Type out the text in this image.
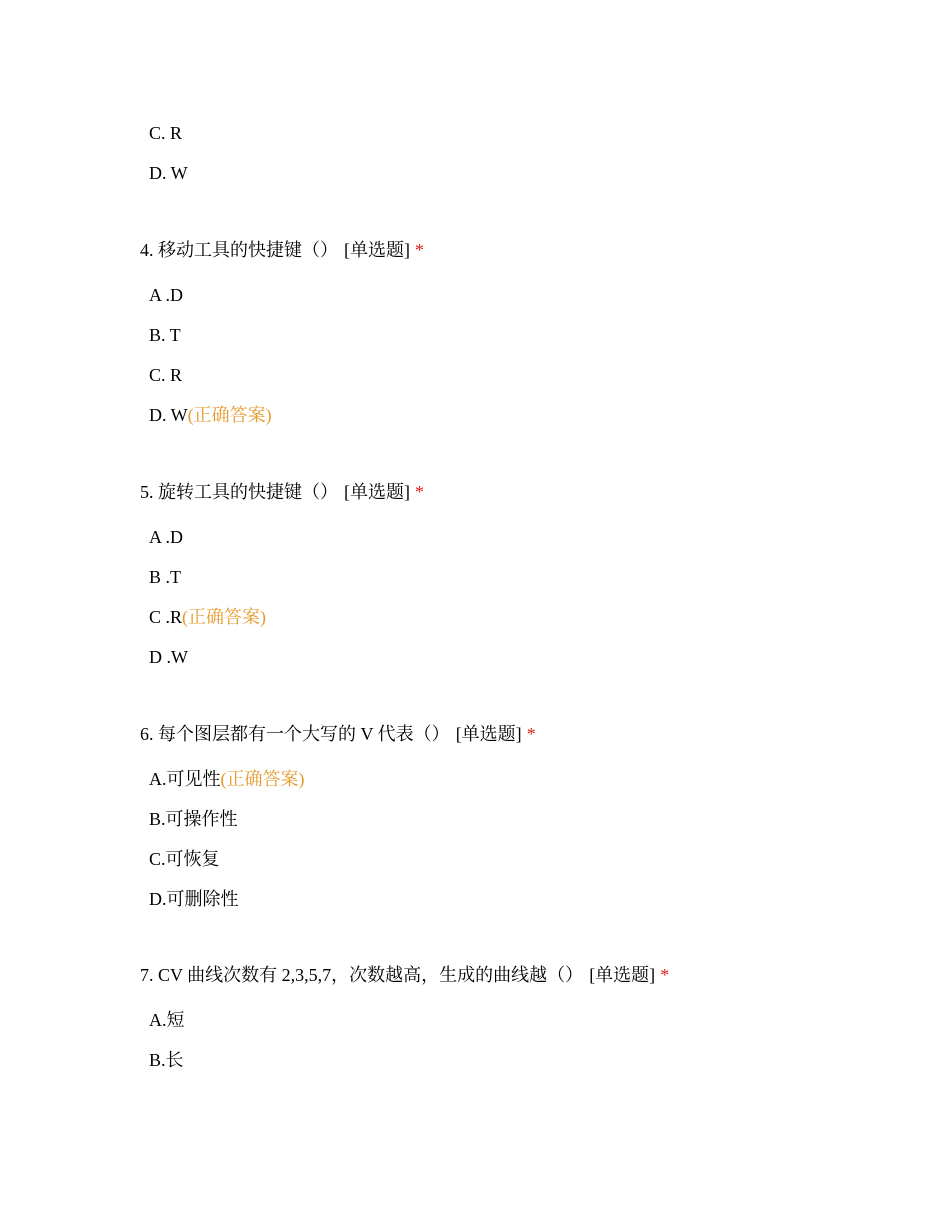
C. R
D. W
4. 移动工具的快捷键（） [单选题] *
A .D
B. T
C. R
D. W(正确答案)
5. 旋转工具的快捷键（） [单选题] *
A .D
B .T
C .R(正确答案)
D .W
6. 每个图层都有一个大写的 V 代表（） [单选题] *
A.可见性(正确答案)
B.可操作性
C.可恢复
D.可删除性
7. CV 曲线次数有 2,3,5,7，次数越高，生成的曲线越（） [单选题] *
A.短
B.长
